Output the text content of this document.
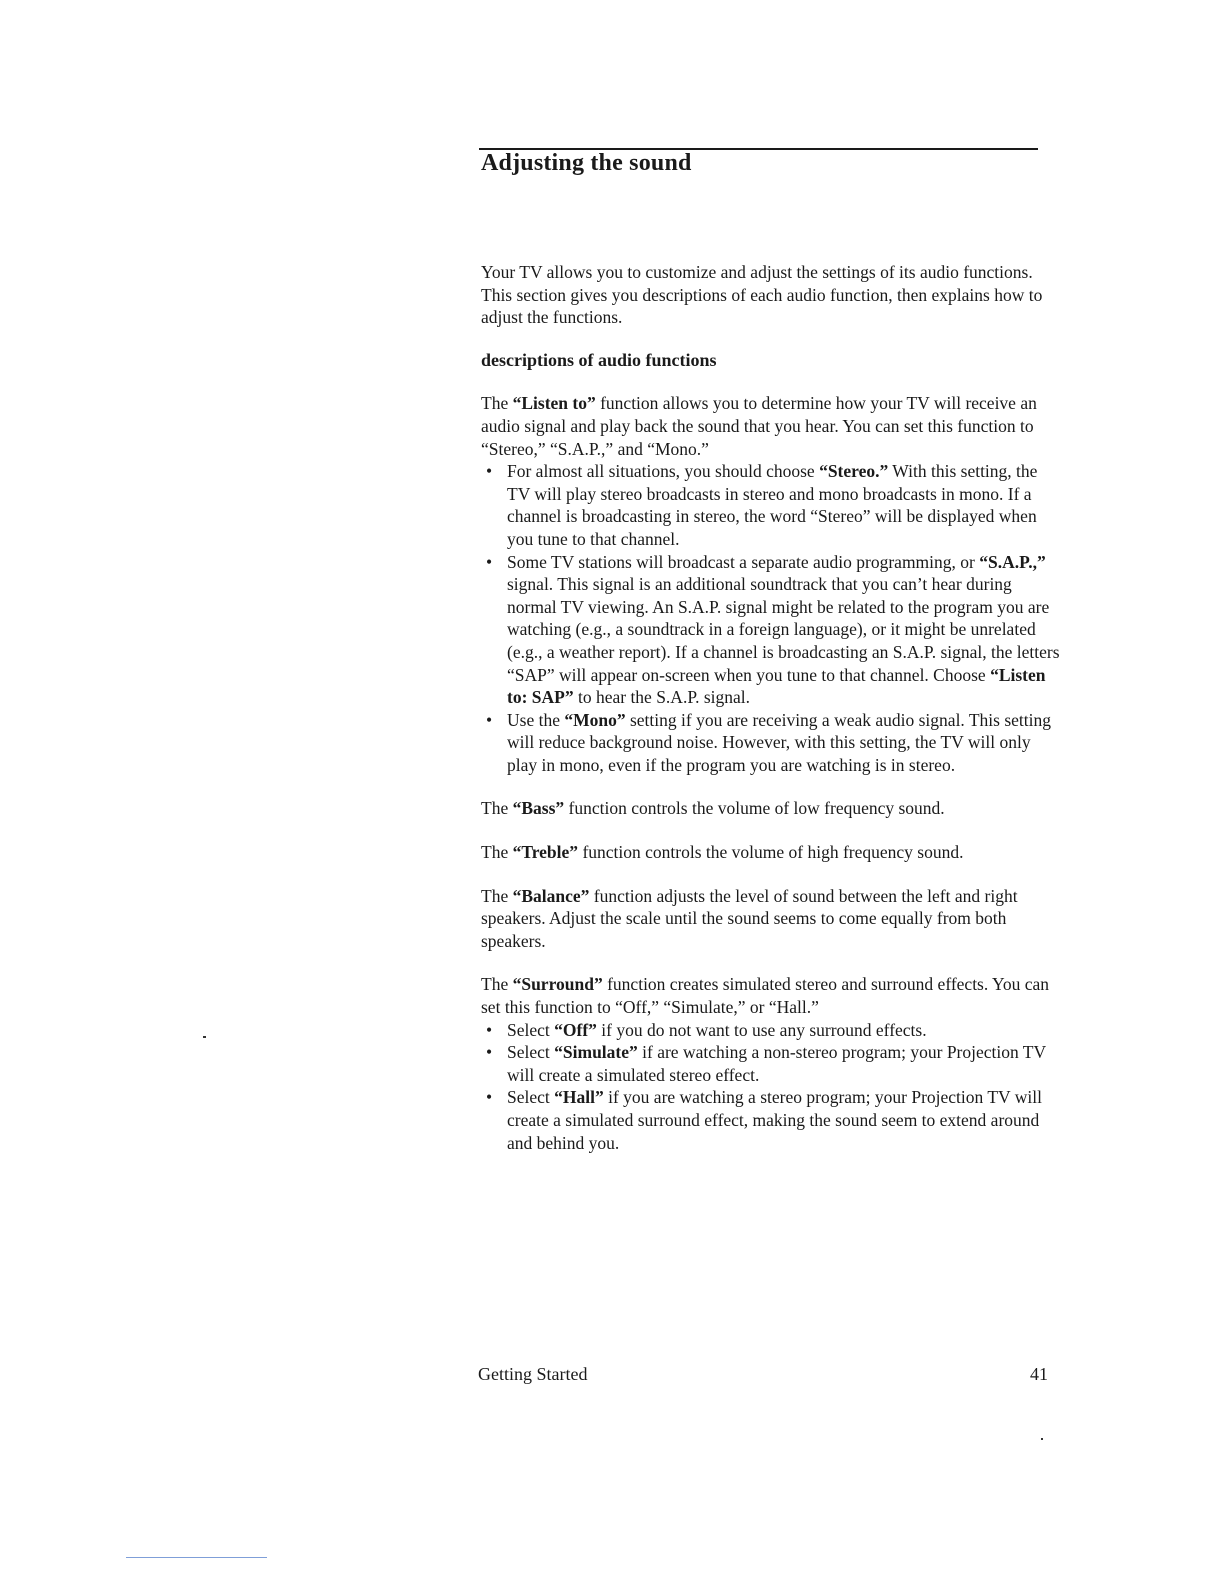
Adjusting the sound

Your TV allows you to customize and adjust the settings of its audio functions. This section gives you descriptions of each audio function, then explains how to adjust the functions.

descriptions of audio functions

The “Listen to” function allows you to determine how your TV will receive an audio signal and play back the sound that you hear. You can set this function to “Stereo,” “S.A.P.,” and “Mono.”

• For almost all situations, you should choose “Stereo.” With this setting, the TV will play stereo broadcasts in stereo and mono broadcasts in mono. If a channel is broadcasting in stereo, the word “Stereo” will be displayed when you tune to that channel.
• Some TV stations will broadcast a separate audio programming, or “S.A.P.,” signal. This signal is an additional soundtrack that you can’t hear during normal TV viewing. An S.A.P. signal might be related to the program you are watching (e.g., a soundtrack in a foreign language), or it might be unrelated (e.g., a weather report). If a channel is broadcasting an S.A.P. signal, the letters “SAP” will appear on-screen when you tune to that channel. Choose “Listen to: SAP” to hear the S.A.P. signal.
• Use the “Mono” setting if you are receiving a weak audio signal. This setting will reduce background noise. However, with this setting, the TV will only play in mono, even if the program you are watching is in stereo.

The “Bass” function controls the volume of low frequency sound.

The “Treble” function controls the volume of high frequency sound.

The “Balance” function adjusts the level of sound between the left and right speakers. Adjust the scale until the sound seems to come equally from both speakers.

The “Surround” function creates simulated stereo and surround effects. You can set this function to “Off,” “Simulate,” or “Hall.”

• Select “Off” if you do not want to use any surround effects.
• Select “Simulate” if are watching a non-stereo program; your Projection TV will create a simulated stereo effect.
• Select “Hall” if you are watching a stereo program; your Projection TV will create a simulated surround effect, making the sound seem to extend around and behind you.
Getting Started	41
